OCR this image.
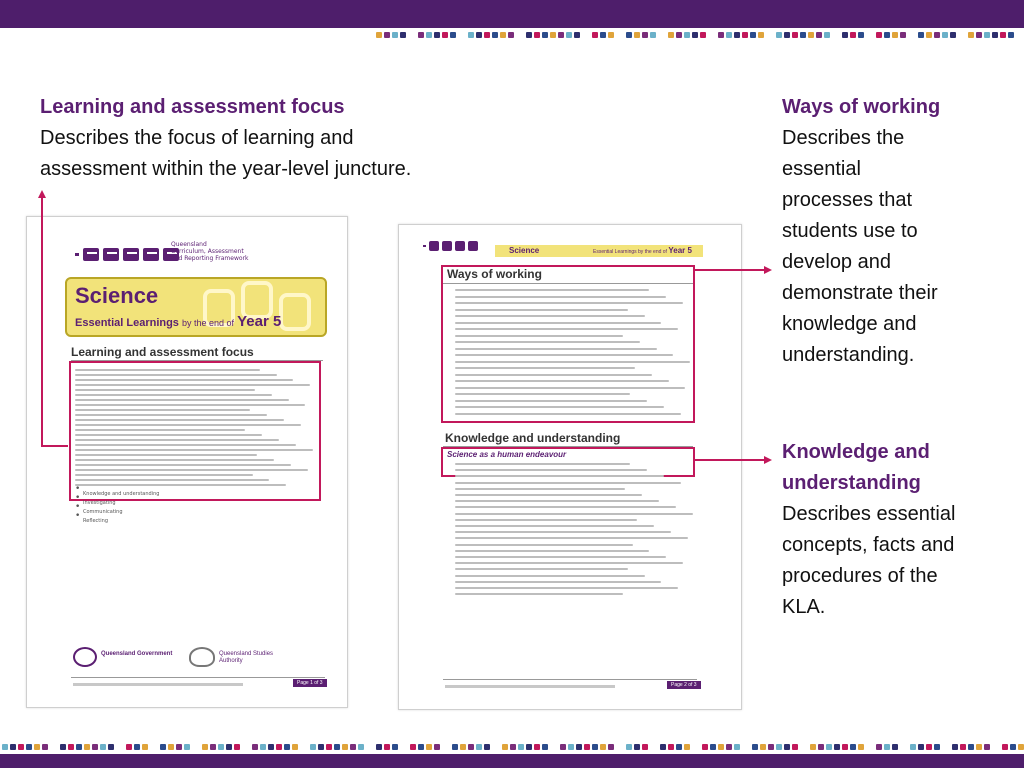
Learning and assessment focus
Describes the focus of learning and
assessment within the year-level juncture.
Ways of working
Describes the
essential
processes that
students use to
develop and
demonstrate their
knowledge and
understanding.
Knowledge and
understanding
Describes essential
concepts, facts and
procedures of the
KLA.
Queensland
Curriculum, Assessment
and Reporting Framework
Science
Essential Learnings by the end of Year 5
Learning and assessment focus
• Knowledge and understanding
• Investigating
• Communicating
• Reflecting
Queensland Government	Queensland Studies Authority
Page 1 of 3
Science	Essential Learnings by the end of Year 5
Ways of working
Knowledge and understanding
Science as a human endeavour
Page 2 of 3
